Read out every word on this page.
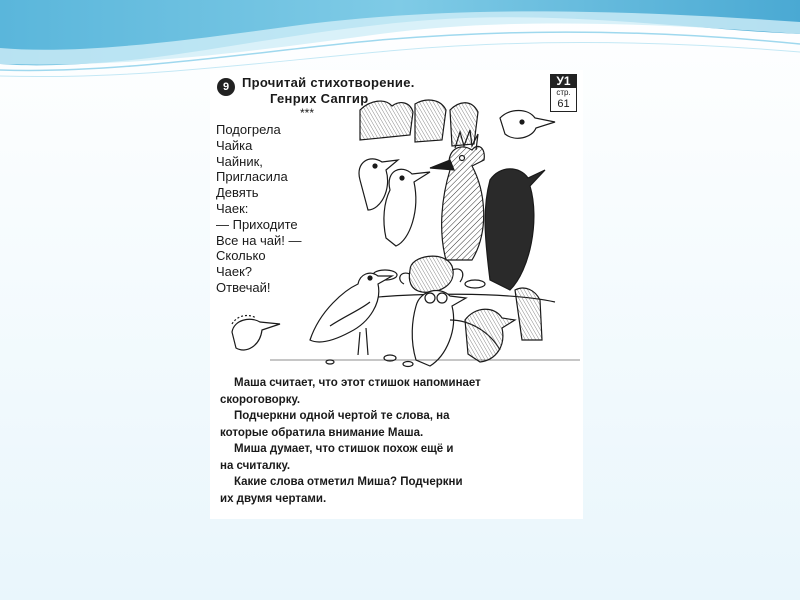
9 Прочитай стихотворение.
Генрих Сапгир
***
У1
стр.
61
Подогрела
Чайка
Чайник,
Пригласила
Девять
Чаек:
— Приходите
Все на чай! —
Сколько
Чаек?
Отвечай!
Маша считает, что этот стишок напоминает
скороговорку.
Подчеркни одной чертой те слова, на
которые обратила внимание Маша.
Миша думает, что стишок похож ещё и
на считалку.
Какие слова отметил Миша? Подчеркни
их двумя чертами.
